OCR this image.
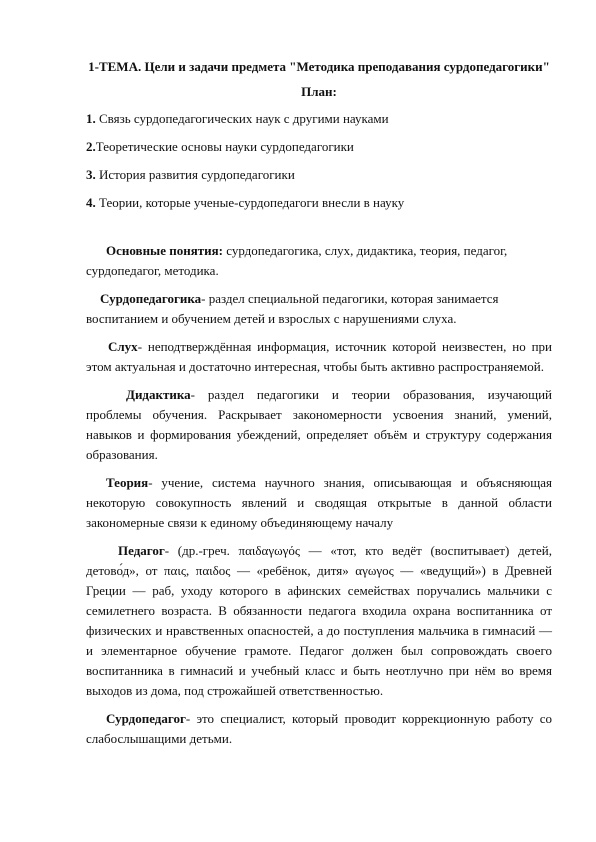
1-ТЕМА. Цели и задачи предмета "Методика преподавания сурдопедагогики"
План:
1. Связь сурдопедагогических наук с другими науками
2.Теоретические основы науки сурдопедагогики
3. История развития сурдопедагогики
4. Теории, которые ученые-сурдопедагоги внесли в науку

Основные понятия: сурдопедагогика, слух, дидактика, теория, педагог, сурдопедагог, методика.

Сурдопедагогика- раздел специальной педагогики, которая занимается воспитанием и обучением детей и взрослых с нарушениями слуха.

Слух- неподтверждённая информация, источник которой неизвестен, но при этом актуальная и достаточно интересная, чтобы быть активно распространяемой.

Дидактика- раздел педагогики и теории образования, изучающий проблемы обучения. Раскрывает закономерности усвоения знаний, умений, навыков и формирования убеждений, определяет объём и структуру содержания образования.

Теория- учение, система научного знания, описывающая и объясняющая некоторую совокупность явлений и сводящая открытые в данной области закономерные связи к единому объединяющему началу

Педагог- (др.-греч. παιδαγωγός — «тот, кто ведёт (воспитывает) детей, детово́д», от παις, παιδος — «ребёнок, дитя» αγωγος — «ведущий») в Древней Греции — раб, уходу которого в афинских семействах поручались мальчики с семилетнего возраста. В обязанности педагога входила охрана воспитанника от физических и нравственных опасностей, а до поступления мальчика в гимнасий — и элементарное обучение грамоте. Педагог должен был сопровождать своего воспитанника в гимнасий и учебный класс и быть неотлучно при нём во время выходов из дома, под строжайшей ответственностью.

Сурдопедагог- это специалист, который проводит коррекционную работу со слабослышащими детьми.
